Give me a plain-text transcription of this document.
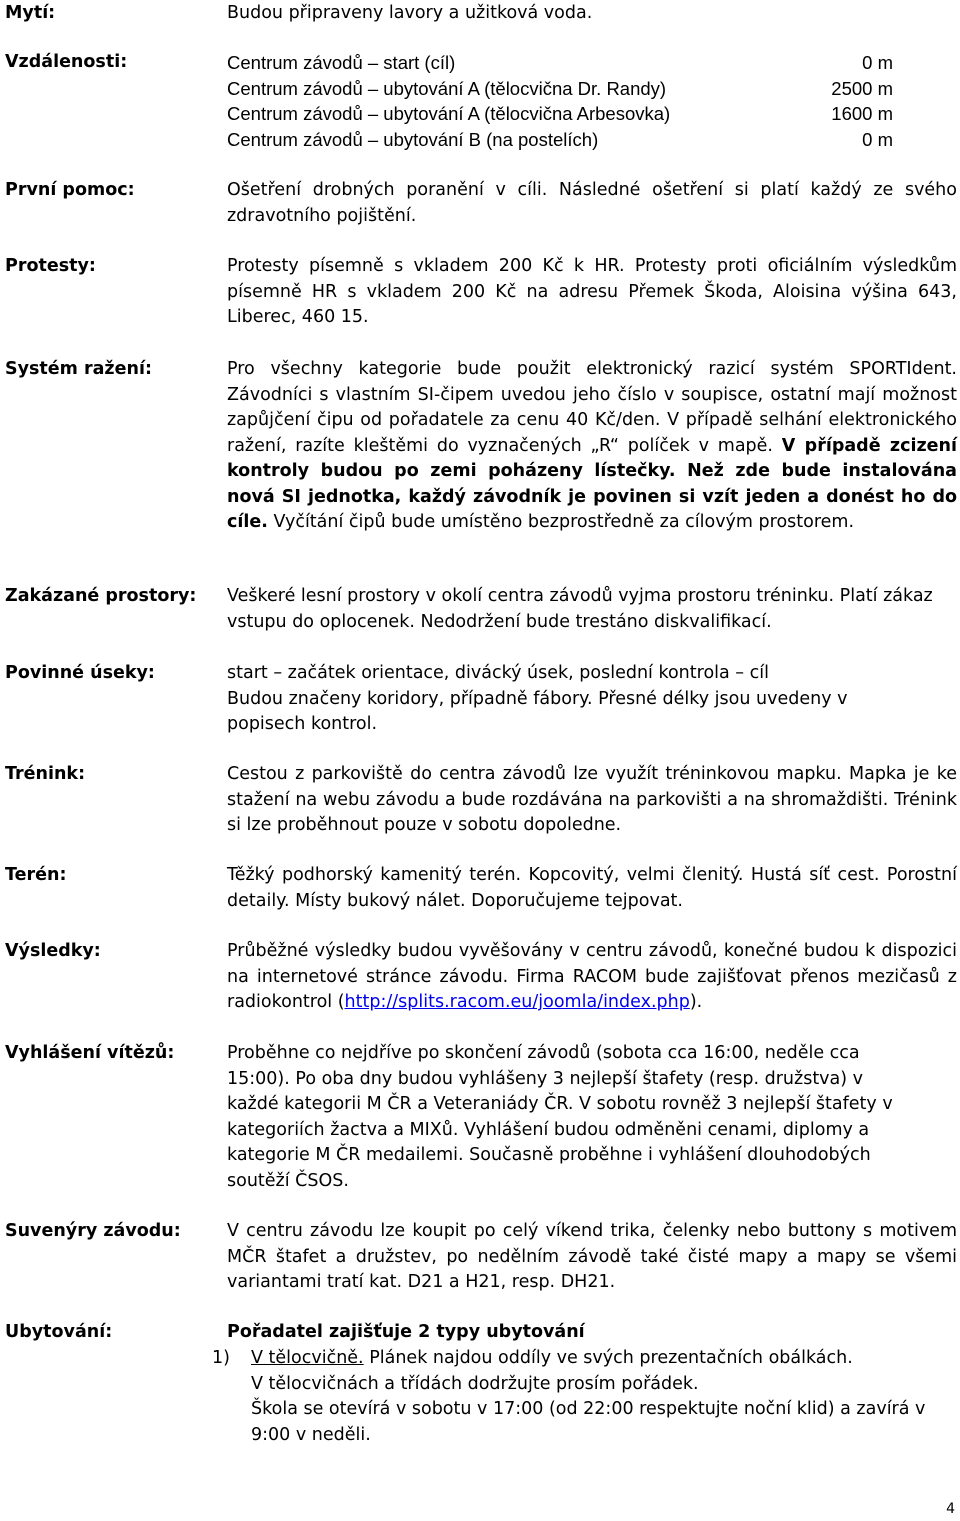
Mytí:	Budou připraveny lavory a užitková voda.
Vzdálenosti:	Centrum závodů – start (cíl)	0 m
Centrum závodů – ubytování A (tělocvična Dr. Randy)	2500 m
Centrum závodů – ubytování A (tělocvična Arbesovka)	1600 m
Centrum závodů – ubytování B (na postelích)	0 m
První pomoc:	Ošetření drobných poranění v cíli. Následné ošetření si platí každý ze svého zdravotního pojištění.
Protesty:	Protesty písemně s vkladem 200 Kč k HR. Protesty proti oficiálním výsledkům písemně HR s vkladem 200 Kč na adresu Přemek Škoda, Aloisina výšina 643, Liberec, 460 15.
Systém ražení:	Pro všechny kategorie bude použit elektronický razicí systém SPORTIdent. Závodníci s vlastním SI-čipem uvedou jeho číslo v soupisce, ostatní mají možnost zapůjčení čipu od pořadatele za cenu 40 Kč/den. V případě selhání elektronického ražení, razíte kleštěmi do vyznačených „R“ políček v mapě. V případě zcizení kontroly budou po zemi poházeny lístečky. Než zde bude instalována nová SI jednotka, každý závodník je povinen si vzít jeden a donést ho do cíle. Vyčítání čipů bude umístěno bezprostředně za cílovým prostorem.
Zakázané prostory:	Veškeré lesní prostory v okolí centra závodů vyjma prostoru tréninku. Platí zákaz vstupu do oplocenek. Nedodržení bude trestáno diskvalifikací.
Povinné úseky:	start – začátek orientace, divácký úsek, poslední kontrola – cíl
Budou značeny koridory, případně fábory. Přesné délky jsou uvedeny v popisech kontrol.
Trénink:	Cestou z parkoviště do centra závodů lze využít tréninkovou mapku. Mapka je ke stažení na webu závodu a bude rozdávána na parkovišti a na shromaždišti. Trénink si lze proběhnout pouze v sobotu dopoledne.
Terén:	Těžký podhorský kamenitý terén. Kopcovitý, velmi členitý. Hustá síť cest. Porostní detaily. Místy bukový nálet. Doporučujeme tejpovat.
Výsledky:	Průběžné výsledky budou vyvěšovány v centru závodů, konečné budou k dispozici na internetové stránce závodu. Firma RACOM bude zajišťovat přenos mezičasů z radiokontrol (http://splits.racom.eu/joomla/index.php).
Vyhlášení vítězů:	Proběhne co nejdříve po skončení závodů (sobota cca 16:00, neděle cca 15:00). Po oba dny budou vyhlášeny 3 nejlepší štafety (resp. družstva) v každé kategorii M ČR a Veteraniády ČR. V sobotu rovněž 3 nejlepší štafety v kategoriích žactva a MIXů. Vyhlášení budou odměněni cenami, diplomy a kategorie M ČR medailemi. Současně proběhne i vyhlášení dlouhodobých soutěží ČSOS.
Suvenýry závodu:	V centru závodu lze koupit po celý víkend trika, čelenky nebo buttony s motivem MČR štafet a družstev, po nedělním závodě také čisté mapy a mapy se všemi variantami tratí kat. D21 a H21, resp. DH21.
Ubytování:	Pořadatel zajišťuje 2 typy ubytování
1) V tělocvičně. Plánek najdou oddíly ve svých prezentačních obálkách.
V tělocvičnách a třídách dodržujte prosím pořádek.
Škola se otevírá v sobotu v 17:00 (od 22:00 respektujte noční klid) a zavírá v 9:00 v neděli.
4
